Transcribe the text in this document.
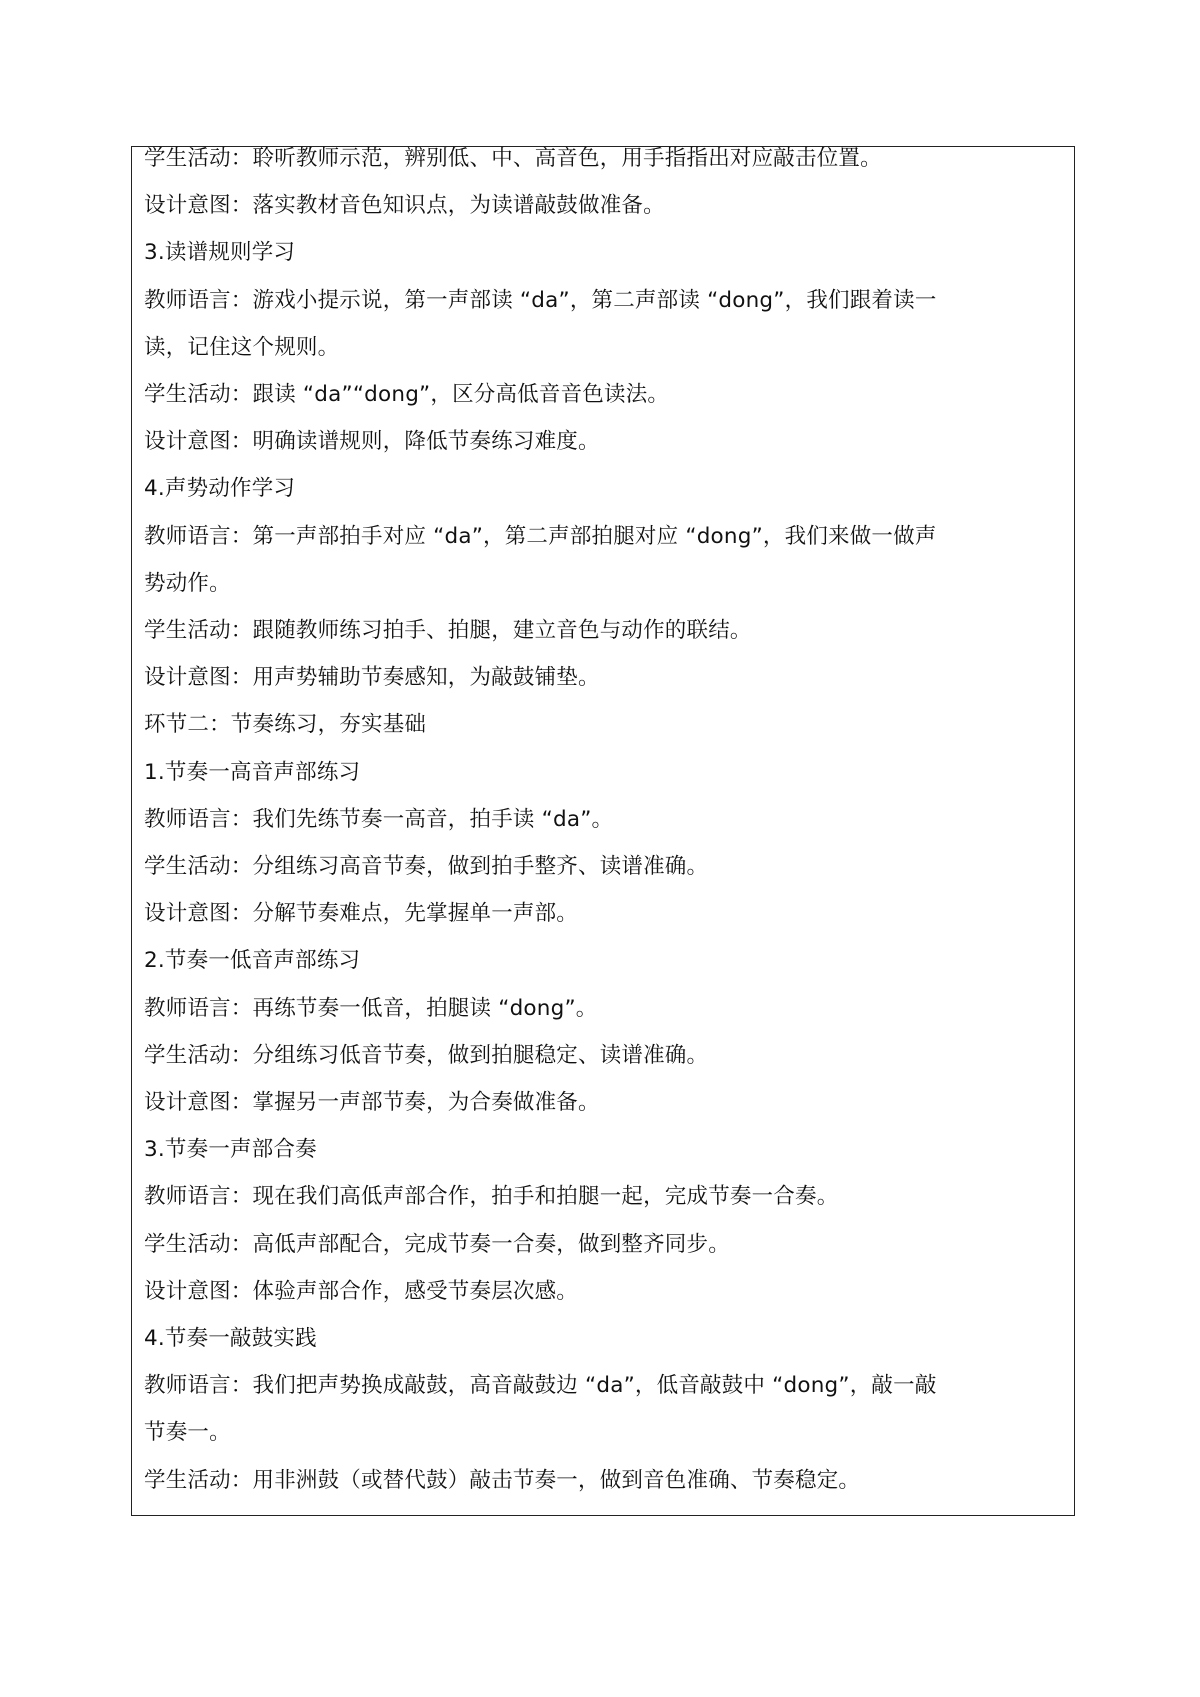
学生活动：聆听教师示范，辨别低、中、高音色，用手指指出对应敲击位置。
设计意图：落实教材音色知识点，为读谱敲鼓做准备。
3.读谱规则学习
教师语言：游戏小提示说，第一声部读 “da”，第二声部读 “dong”，我们跟着读一
读，记住这个规则。
学生活动：跟读 “da”“dong”，区分高低音音色读法。
设计意图：明确读谱规则，降低节奏练习难度。
4.声势动作学习
教师语言：第一声部拍手对应 “da”，第二声部拍腿对应 “dong”，我们来做一做声
势动作。
学生活动：跟随教师练习拍手、拍腿，建立音色与动作的联结。
设计意图：用声势辅助节奏感知，为敲鼓铺垫。
环节二：节奏练习，夯实基础
1.节奏一高音声部练习
教师语言：我们先练节奏一高音，拍手读 “da”。
学生活动：分组练习高音节奏，做到拍手整齐、读谱准确。
设计意图：分解节奏难点，先掌握单一声部。
2.节奏一低音声部练习
教师语言：再练节奏一低音，拍腿读 “dong”。
学生活动：分组练习低音节奏，做到拍腿稳定、读谱准确。
设计意图：掌握另一声部节奏，为合奏做准备。
3.节奏一声部合奏
教师语言：现在我们高低声部合作，拍手和拍腿一起，完成节奏一合奏。
学生活动：高低声部配合，完成节奏一合奏，做到整齐同步。
设计意图：体验声部合作，感受节奏层次感。
4.节奏一敲鼓实践
教师语言：我们把声势换成敲鼓，高音敲鼓边 “da”，低音敲鼓中 “dong”，敲一敲
节奏一。
学生活动：用非洲鼓（或替代鼓）敲击节奏一，做到音色准确、节奏稳定。
